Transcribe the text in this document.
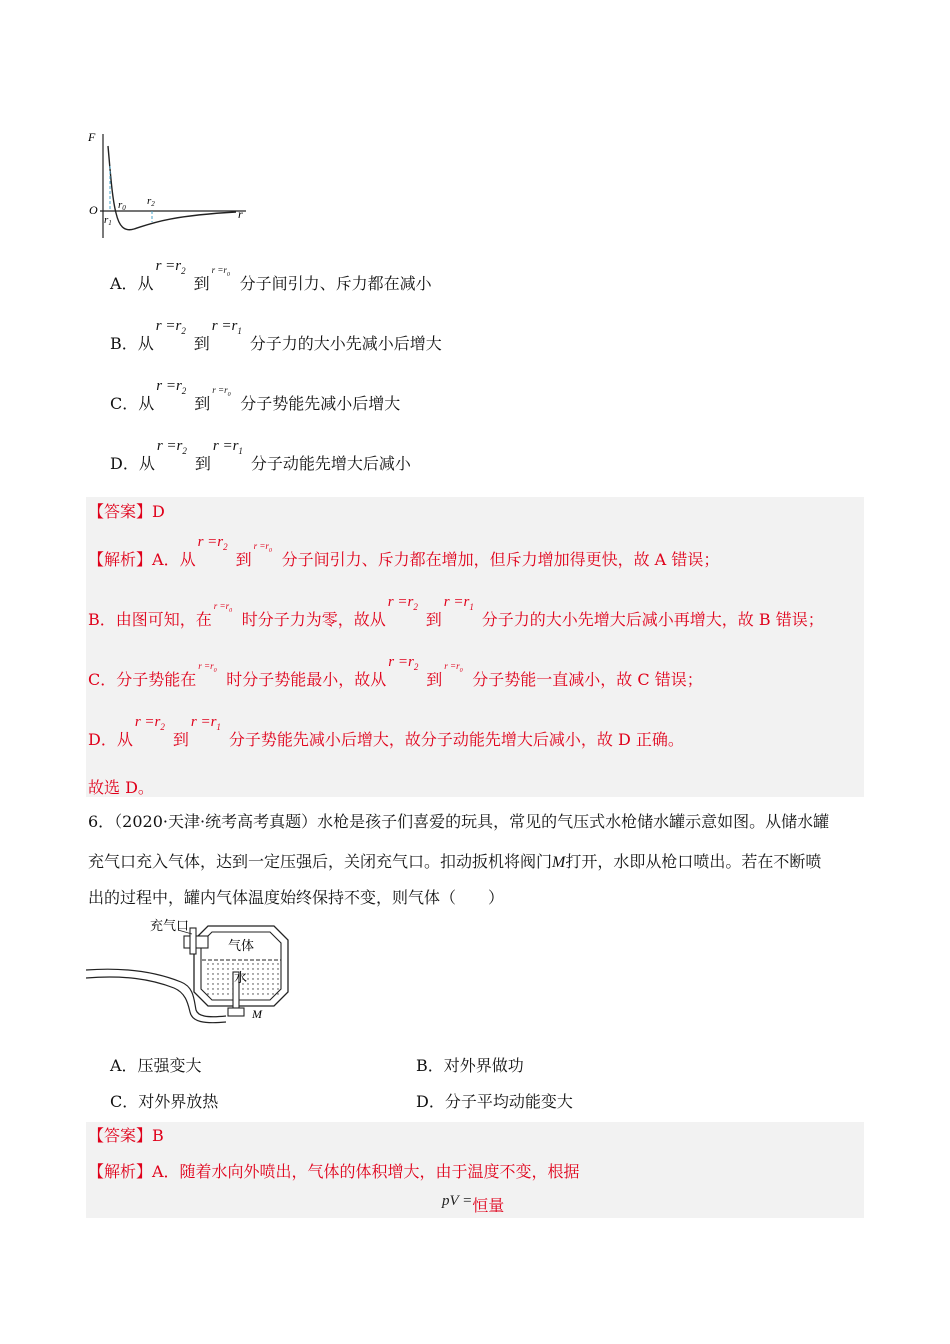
F
O	r
r0
r1
r2
A．从
$r =r_2$
到
$r =r_0$ 分子间引力、斥力都在减小
B．从
$r =r_2$
到
$r =r_1$
分子力的大小先减小后增大
C．从
$r =r_2$
到
$r =r_0$ 分子势能先减小后增大
D．从
$r =r_2$
到
$r =r_1$
分子动能先增大后减小
【答案】D
【解析】A．从
$r =r_2$
到
$r =r_0$ 分子间引力、斥力都在增加，但斥力增加得更快，故 A 错误；
B．由图可知，在
$r =r_0$ 时分子力为零，故从
$r =r_2$
到
$r =r_1$
分子力的大小先增大后减小再增大，故 B 错误；
C．分子势能在
$r =r_0$ 时分子势能最小，故从
$r =r_2$
到
$r =r_0$ 分子势能一直减小，故 C 错误；
D．从
$r =r_2$
到
$r =r_1$
分子势能先减小后增大，故分子动能先增大后减小，故 D 正确。
故选 D。
6．（2020·天津·统考高考真题）水枪是孩子们喜爱的玩具，常见的气压式水枪储水罐示意如图。从储水罐
充气口充入气体，达到一定压强后，关闭充气口。扣动扳机将阀门M打开，水即从枪口喷出。若在不断喷
出的过程中，罐内气体温度始终保持不变，则气体（　　）
充气口
气体
水
M
A．压强变大	B．对外界做功
C．对外界放热	D．分子平均动能变大
【答案】B
【解析】A．随着水向外喷出，气体的体积增大，由于温度不变，根据
pV =恒量
